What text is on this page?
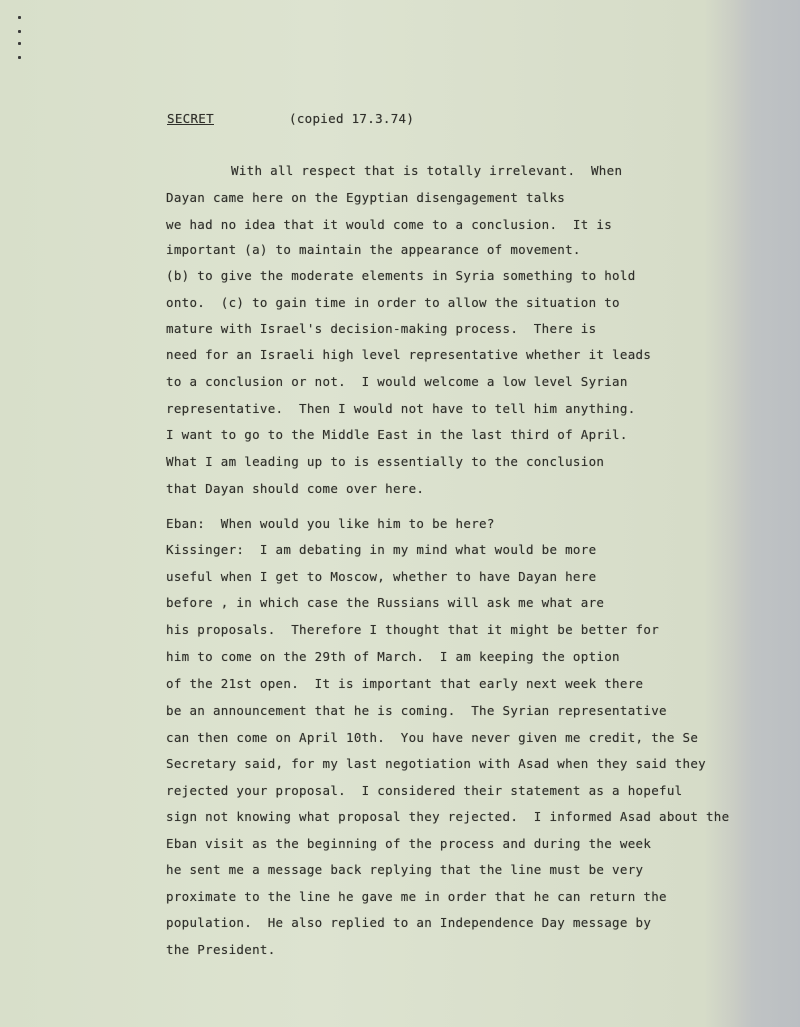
SECRET	(copied 17.3.74)
With all respect that is totally irrelevant.  When
Dayan came here on the Egyptian disengagement talks
we had no idea that it would come to a conclusion.  It is
important (a) to maintain the appearance of movement.
(b) to give the moderate elements in Syria something to hold
onto.  (c) to gain time in order to allow the situation to
mature with Israel's decision-making process.  There is
need for an Israeli high level representative whether it leads
to a conclusion or not.  I would welcome a low level Syrian
representative.  Then I would not have to tell him anything.
I want to go to the Middle East in the last third of April.
What I am leading up to is essentially to the conclusion
that Dayan should come over here.
Eban:  When would you like him to be here?
Kissinger:  I am debating in my mind what would be more
useful when I get to Moscow, whether to have Dayan here
before , in which case the Russians will ask me what are
his proposals.  Therefore I thought that it might be better for
him to come on the 29th of March.  I am keeping the option
of the 21st open.  It is important that early next week there
be an announcement that he is coming.  The Syrian representative
can then come on April 10th.  You have never given me credit, the Se
Secretary said, for my last negotiation with Asad when they said they
rejected your proposal.  I considered their statement as a hopeful
sign not knowing what proposal they rejected.  I informed Asad about the
Eban visit as the beginning of the process and during the week
he sent me a message back replying that the line must be very
proximate to the line he gave me in order that he can return the
population.  He also replied to an Independence Day message by
the President.
